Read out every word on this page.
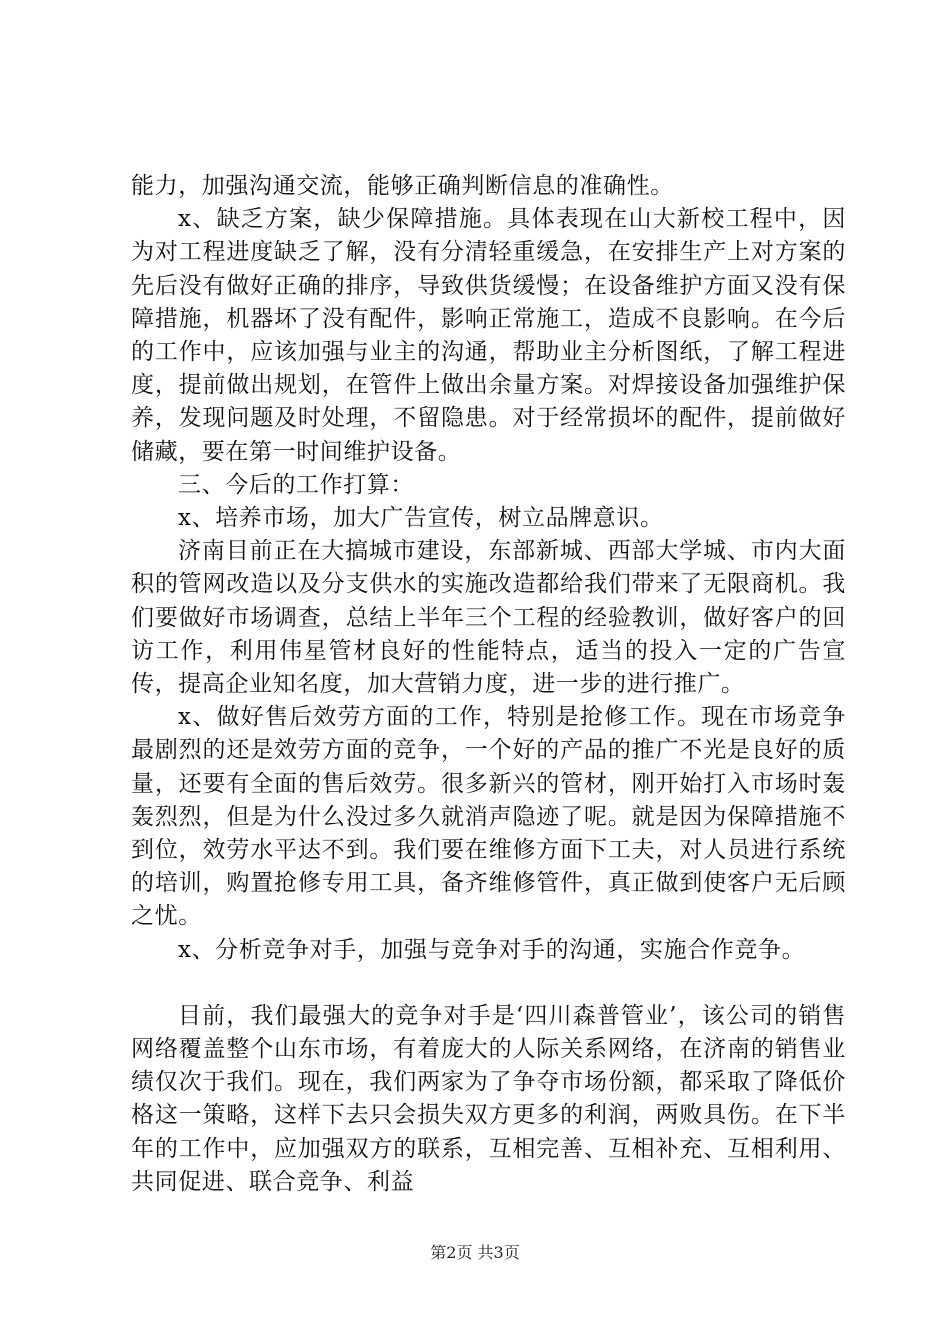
能力，加强沟通交流，能够正确判断信息的准确性。

x、缺乏方案，缺少保障措施。具体表现在山大新校工程中，因为对工程进度缺乏了解，没有分清轻重缓急，在安排生产上对方案的先后没有做好正确的排序，导致供货缓慢；在设备维护方面又没有保障措施，机器坏了没有配件，影响正常施工，造成不良影响。在今后的工作中，应该加强与业主的沟通，帮助业主分析图纸，了解工程进度，提前做出规划，在管件上做出余量方案。对焊接设备加强维护保养，发现问题及时处理，不留隐患。对于经常损坏的配件，提前做好储藏，要在第一时间维护设备。

三、今后的工作打算：

x、培养市场，加大广告宣传，树立品牌意识。

济南目前正在大搞城市建设，东部新城、西部大学城、市内大面积的管网改造以及分支供水的实施改造都给我们带来了无限商机。我们要做好市场调查，总结上半年三个工程的经验教训，做好客户的回访工作，利用伟星管材良好的性能特点，适当的投入一定的广告宣传，提高企业知名度，加大营销力度，进一步的进行推广。

x、做好售后效劳方面的工作，特别是抢修工作。现在市场竞争最剧烈的还是效劳方面的竞争，一个好的产品的推广不光是良好的质量，还要有全面的售后效劳。很多新兴的管材，刚开始打入市场时轰轰烈烈，但是为什么没过多久就消声隐迹了呢。就是因为保障措施不到位，效劳水平达不到。我们要在维修方面下工夫，对人员进行系统的培训，购置抢修专用工具，备齐维修管件，真正做到使客户无后顾之忧。

x、分析竞争对手，加强与竞争对手的沟通，实施合作竞争。

目前，我们最强大的竞争对手是‘四川森普管业’，该公司的销售网络覆盖整个山东市场，有着庞大的人际关系网络，在济南的销售业绩仅次于我们。现在，我们两家为了争夺市场份额，都采取了降低价格这一策略，这样下去只会损失双方更多的利润，两败具伤。在下半年的工作中，应加强双方的联系，互相完善、互相补充、互相利用、共同促进、联合竞争、利益

第2页 共3页
